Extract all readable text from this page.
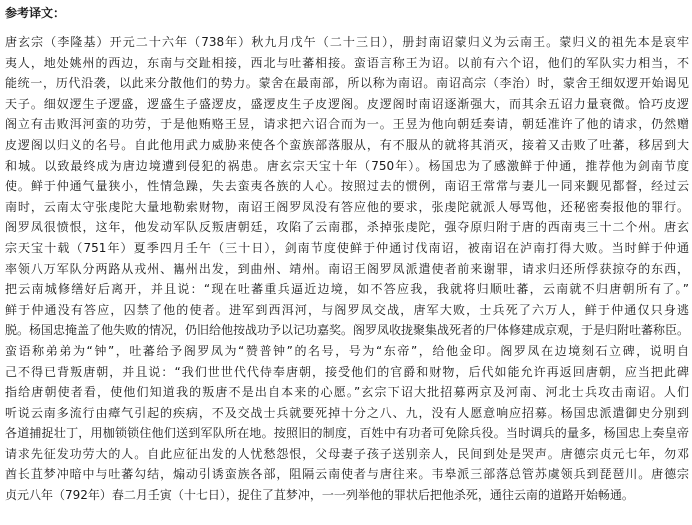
参考译文：
唐玄宗（李隆基）开元二十六年（738年）秋九月戊午（二十三日），册封南诏蒙归义为云南王。蒙归义的祖先本是哀牢
夷人，地处姚州的西边，东南与交趾相接，西北与吐蕃相接。蛮语言称王为诏。以前有六个诏，他们的军队实力相当，不
能统一，历代沿袭，以此来分散他们的势力。蒙舍在最南部，所以称为南诏。南诏高宗（李治）时，蒙舍王细奴逻开始谒见
天子。细奴逻生子逻盛，逻盛生子盛逻皮，盛逻皮生子皮逻阁。皮逻阁时南诏逐渐强大，而其余五诏力量衰微。恰巧皮逻
阁立有击败洱河蛮的功劳，于是他贿赂王昱，请求把六诏合而为一。王昱为他向朝廷奏请，朝廷准许了他的请求，仍然赠
皮逻阁以归义的名号。自此他用武力威胁来使各个蛮族部落服从，有不服从的就将其消灭，接着又击败了吐蕃，移居到大
和城。以致最终成为唐边境遭到侵犯的祸患。唐玄宗天宝十年（750年）。杨国忠为了感激鲜于仲通，推荐他为剑南节度
使。鲜于仲通气量狭小，性情急躁，失去蛮夷各族的人心。按照过去的惯例，南诏王常常与妻儿一同来觐见都督，经过云
南时，云南太守张虔陀大量地勒索财物，南诏王阁罗凤没有答应他的要求，张虔陀就派人辱骂他，还秘密奏报他的罪行。
阁罗凤很愤恨，这年，他发动军队反叛唐朝廷，攻陷了云南郡，杀掉张虔陀，强夺原归附于唐的西南夷三十二个州。唐玄
宗天宝十载（751年）夏季四月壬午（三十日），剑南节度使鲜于仲通讨伐南诏，被南诏在泸南打得大败。当时鲜于仲通
率领八万军队分两路从戎州、巂州出发，到曲州、靖州。南诏王阁罗凤派遣使者前来谢罪，请求归还所俘获掠夺的东西，
把云南城修缮好后离开，并且说：“现在吐蕃重兵逼近边境，如不答应我，我就将归顺吐蕃，云南就不归唐朝所有了。”
鲜于仲通没有答应，囚禁了他的使者。进军到西洱河，与阁罗凤交战，唐军大败，士兵死了六万人，鲜于仲通仅只身逃
脱。杨国忠掩盖了他失败的情况，仍旧给他按战功予以记功嘉奖。阁罗凤收拢聚集战死者的尸体修建成京观，于是归附吐蕃称臣。
蛮语称弟弟为“钟”，吐蕃给予阁罗凤为“赞普钟”的名号，号为“东帝”，给他金印。阁罗凤在边境刻石立碑，说明自
己不得已背叛唐朝，并且说：“我们世世代代侍奉唐朝，接受他们的官爵和财物，后代如能允许再返回唐朝，应当把此碑
指给唐朝使者看，使他们知道我的叛唐不是出自本来的心愿。”玄宗下诏大批招募两京及河南、河北士兵攻击南诏。人们
听说云南多流行由瘴气引起的疾病，不及交战士兵就要死掉十分之八、九，没有人愿意响应招募。杨国忠派遣御史分别到
各道捕捉壮丁，用枷锁锁住他们送到军队所在地。按照旧的制度，百姓中有功者可免除兵役。当时调兵的量多，杨国忠上奏皇帝
请求先征发功劳大的人。自此应征出发的人忧愁怨恨，父母妻子孩子送别亲人，民间到处是哭声。唐德宗贞元七年，勿邓
酋长苴梦冲暗中与吐蕃勾结，煽动引诱蛮族各部，阻隔云南使者与唐往来。韦皋派三部落总管苏虞领兵到琵琶川。唐德宗
贞元八年（792年）春二月壬寅（十七日），捉住了苴梦冲，一一列举他的罪状后把他杀死，通往云南的道路开始畅通。
